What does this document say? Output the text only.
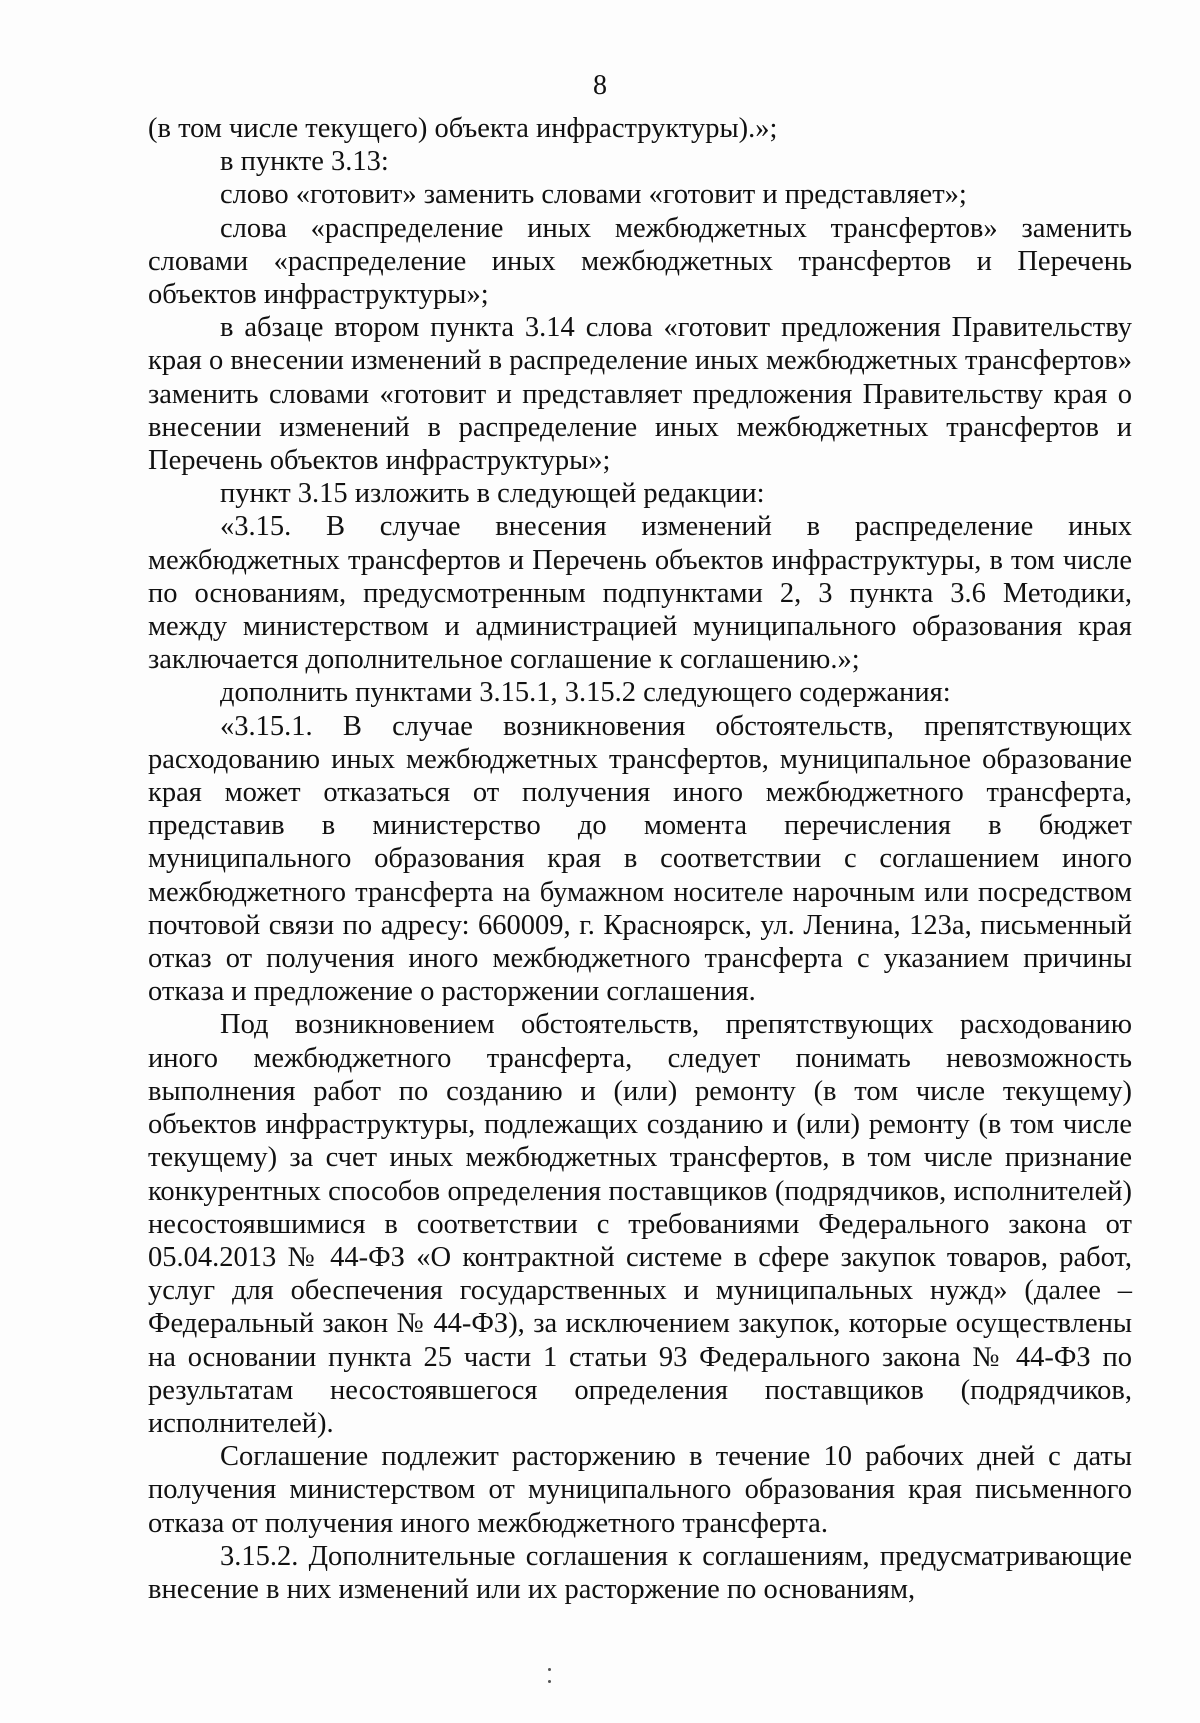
8

(в том числе текущего) объекта инфраструктуры).»;

в пункте 3.13:

слово «готовит» заменить словами «готовит и представляет»;

слова «распределение иных межбюджетных трансфертов» заменить словами «распределение иных межбюджетных трансфертов и Перечень объектов инфраструктуры»;

в абзаце втором пункта 3.14 слова «готовит предложения Правительству края о внесении изменений в распределение иных межбюджетных трансфертов» заменить словами «готовит и представляет предложения Правительству края о внесении изменений в распределение иных межбюджетных трансфертов и Перечень объектов инфраструктуры»;

пункт 3.15 изложить в следующей редакции:

«3.15. В случае внесения изменений в распределение иных межбюджетных трансфертов и Перечень объектов инфраструктуры, в том числе по основаниям, предусмотренным подпунктами 2, 3 пункта 3.6 Методики, между министерством и администрацией муниципального образования края заключается дополнительное соглашение к соглашению.»;

дополнить пунктами 3.15.1, 3.15.2 следующего содержания:

«3.15.1. В случае возникновения обстоятельств, препятствующих расходованию иных межбюджетных трансфертов, муниципальное образование края может отказаться от получения иного межбюджетного трансферта, представив в министерство до момента перечисления в бюджет муниципального образования края в соответствии с соглашением иного межбюджетного трансферта на бумажном носителе нарочным или посредством почтовой связи по адресу: 660009, г. Красноярск, ул. Ленина, 123а, письменный отказ от получения иного межбюджетного трансферта с указанием причины отказа и предложение о расторжении соглашения.

Под возникновением обстоятельств, препятствующих расходованию иного межбюджетного трансферта, следует понимать невозможность выполнения работ по созданию и (или) ремонту (в том числе текущему) объектов инфраструктуры, подлежащих созданию и (или) ремонту (в том числе текущему) за счет иных межбюджетных трансфертов, в том числе признание конкурентных способов определения поставщиков (подрядчиков, исполнителей) несостоявшимися в соответствии с требованиями Федерального закона от 05.04.2013 № 44-ФЗ «О контрактной системе в сфере закупок товаров, работ, услуг для обеспечения государственных и муниципальных нужд» (далее – Федеральный закон № 44-ФЗ), за исключением закупок, которые осуществлены на основании пункта 25 части 1 статьи 93 Федерального закона № 44-ФЗ по результатам несостоявшегося определения поставщиков (подрядчиков, исполнителей).

Соглашение подлежит расторжению в течение 10 рабочих дней с даты получения министерством от муниципального образования края письменного отказа от получения иного межбюджетного трансферта.

3.15.2. Дополнительные соглашения к соглашениям, предусматривающие внесение в них изменений или их расторжение по основаниям,
